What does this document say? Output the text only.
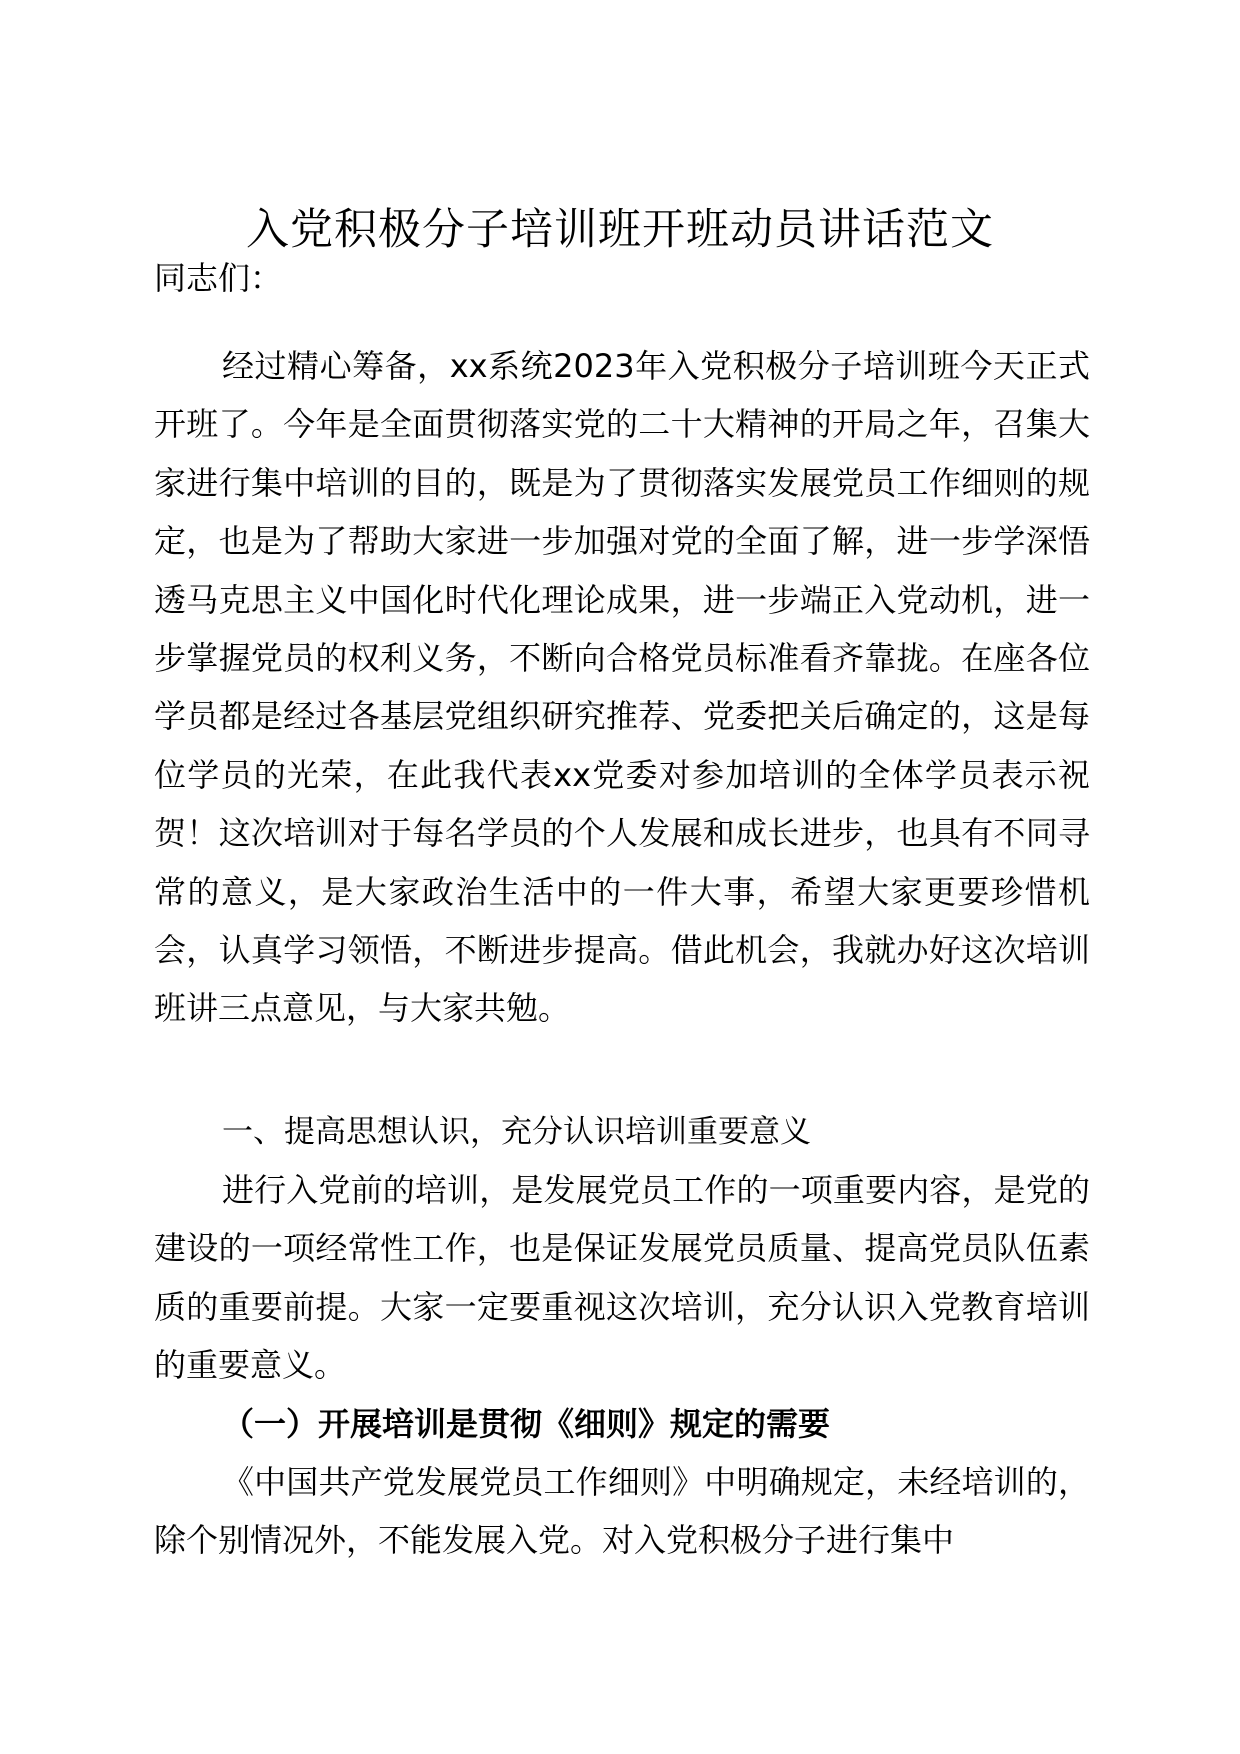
入党积极分子培训班开班动员讲话范文

同志们：

经过精心筹备，xx系统2023年入党积极分子培训班今天正式开班了。今年是全面贯彻落实党的二十大精神的开局之年，召集大家进行集中培训的目的，既是为了贯彻落实发展党员工作细则的规定，也是为了帮助大家进一步加强对党的全面了解，进一步学深悟透马克思主义中国化时代化理论成果，进一步端正入党动机，进一步掌握党员的权利义务，不断向合格党员标准看齐靠拢。在座各位学员都是经过各基层党组织研究推荐、党委把关后确定的，这是每位学员的光荣，在此我代表xx党委对参加培训的全体学员表示祝贺！这次培训对于每名学员的个人发展和成长进步，也具有不同寻常的意义，是大家政治生活中的一件大事，希望大家更要珍惜机会，认真学习领悟，不断进步提高。借此机会，我就办好这次培训班讲三点意见，与大家共勉。

一、提高思想认识，充分认识培训重要意义

进行入党前的培训，是发展党员工作的一项重要内容，是党的建设的一项经常性工作，也是保证发展党员质量、提高党员队伍素质的重要前提。大家一定要重视这次培训，充分认识入党教育培训的重要意义。

（一）开展培训是贯彻《细则》规定的需要

《中国共产党发展党员工作细则》中明确规定，未经培训的，除个别情况外，不能发展入党。对入党积极分子进行集中
